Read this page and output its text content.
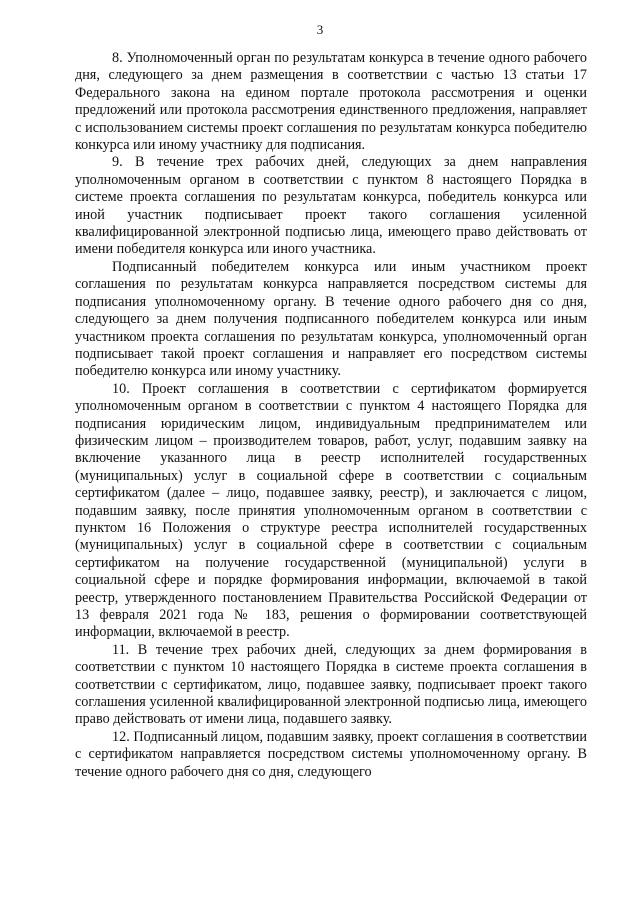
3

8. Уполномоченный орган по результатам конкурса в течение одного рабочего дня, следующего за днем размещения в соответствии с частью 13 статьи 17 Федерального закона на едином портале протокола рассмотрения и оценки предложений или протокола рассмотрения единственного предложения, направляет с использованием системы проект соглашения по результатам конкурса победителю конкурса или иному участнику для подписания.

9. В течение трех рабочих дней, следующих за днем направления уполномоченным органом в соответствии с пунктом 8 настоящего Порядка в системе проекта соглашения по результатам конкурса, победитель конкурса или иной участник подписывает проект такого соглашения усиленной квалифицированной электронной подписью лица, имеющего право действовать от имени победителя конкурса или иного участника.

Подписанный победителем конкурса или иным участником проект соглашения по результатам конкурса направляется посредством системы для подписания уполномоченному органу. В течение одного рабочего дня со дня, следующего за днем получения подписанного победителем конкурса или иным участником проекта соглашения по результатам конкурса, уполномоченный орган подписывает такой проект соглашения и направляет его посредством системы победителю конкурса или иному участнику.

10. Проект соглашения в соответствии с сертификатом формируется уполномоченным органом в соответствии с пунктом 4 настоящего Порядка для подписания юридическим лицом, индивидуальным предпринимателем или физическим лицом – производителем товаров, работ, услуг, подавшим заявку на включение указанного лица в реестр исполнителей государственных (муниципальных) услуг в социальной сфере в соответствии с социальным сертификатом (далее – лицо, подавшее заявку, реестр), и заключается с лицом, подавшим заявку, после принятия уполномоченным органом в соответствии с пунктом 16 Положения о структуре реестра исполнителей государственных (муниципальных) услуг в социальной сфере в соответствии с социальным сертификатом на получение государственной (муниципальной) услуги в социальной сфере и порядке формирования информации, включаемой в такой реестр, утвержденного постановлением Правительства Российской Федерации от 13 февраля 2021 года № 183, решения о формировании соответствующей информации, включаемой в реестр.

11. В течение трех рабочих дней, следующих за днем формирования в соответствии с пунктом 10 настоящего Порядка в системе проекта соглашения в соответствии с сертификатом, лицо, подавшее заявку, подписывает проект такого соглашения усиленной квалифицированной электронной подписью лица, имеющего право действовать от имени лица, подавшего заявку.

12. Подписанный лицом, подавшим заявку, проект соглашения в соответствии с сертификатом направляется посредством системы уполномоченному органу. В течение одного рабочего дня со дня, следующего
